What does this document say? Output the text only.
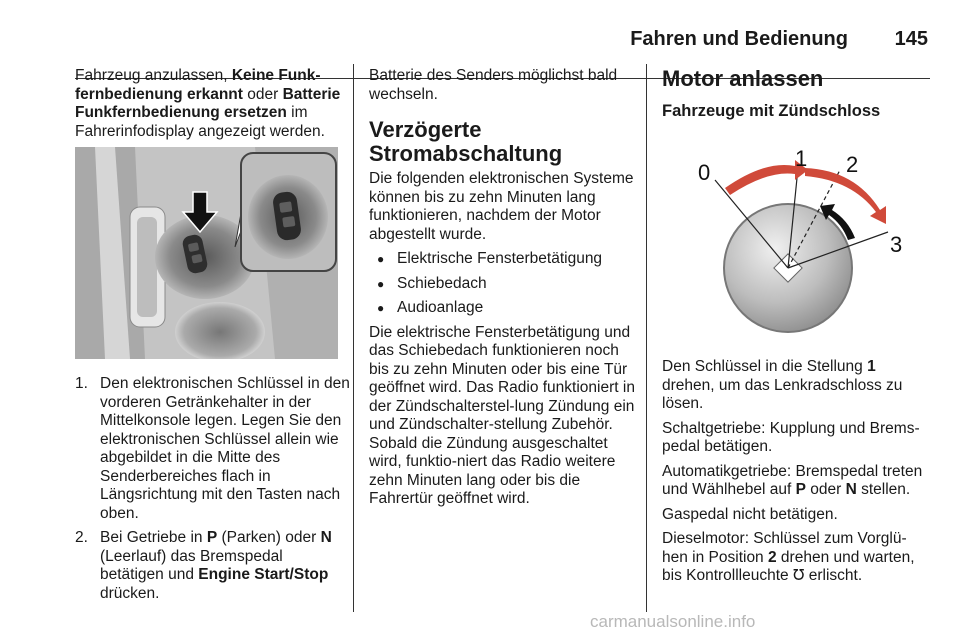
Fahren und Bedienung 145

Fahrzeug anzulassen, Keine Funk-fernbedienung erkannt oder Batterie Funkfernbedienung ersetzen im Fahrerinfodisplay angezeigt werden.

1. Den elektronischen Schlüssel in den vorderen Getränkehalter in der Mittelkonsole legen. Legen Sie den elektronischen Schlüssel allein wie abgebildet in die Mitte des Senderbereiches flach in Längsrichtung mit den Tasten nach oben.
2. Bei Getriebe in P (Parken) oder N (Leerlauf) das Bremspedal betätigen und Engine Start/Stop drücken.

Batterie des Senders möglichst bald wechseln.

Verzögerte Stromabschaltung

Die folgenden elektronischen Systeme können bis zu zehn Minuten lang funktionieren, nachdem der Motor abgestellt wurde.

● Elektrische Fensterbetätigung
● Schiebedach
● Audioanlage

Die elektrische Fensterbetätigung und das Schiebedach funktionieren noch bis zu zehn Minuten oder bis eine Tür geöffnet wird. Das Radio funktioniert in der Zündschalterstel-lung Zündung ein und Zündschalter-stellung Zubehör. Sobald die Zündung ausgeschaltet wird, funktio-niert das Radio weitere zehn Minuten lang oder bis die Fahrertür geöffnet wird.

Motor anlassen
Fahrzeuge mit Zündschloss
0
1 2
3

Den Schlüssel in die Stellung 1 drehen, um das Lenkradschloss zu lösen.

Schaltgetriebe: Kupplung und Brems-pedal betätigen.

Automatikgetriebe: Bremspedal treten und Wählhebel auf P oder N stellen.

Gaspedal nicht betätigen.

Dieselmotor: Schlüssel zum Vorglü-hen in Position 2 drehen und warten, bis Kontrollleuchte ℧ erlischt.

carmanualsonline.info
